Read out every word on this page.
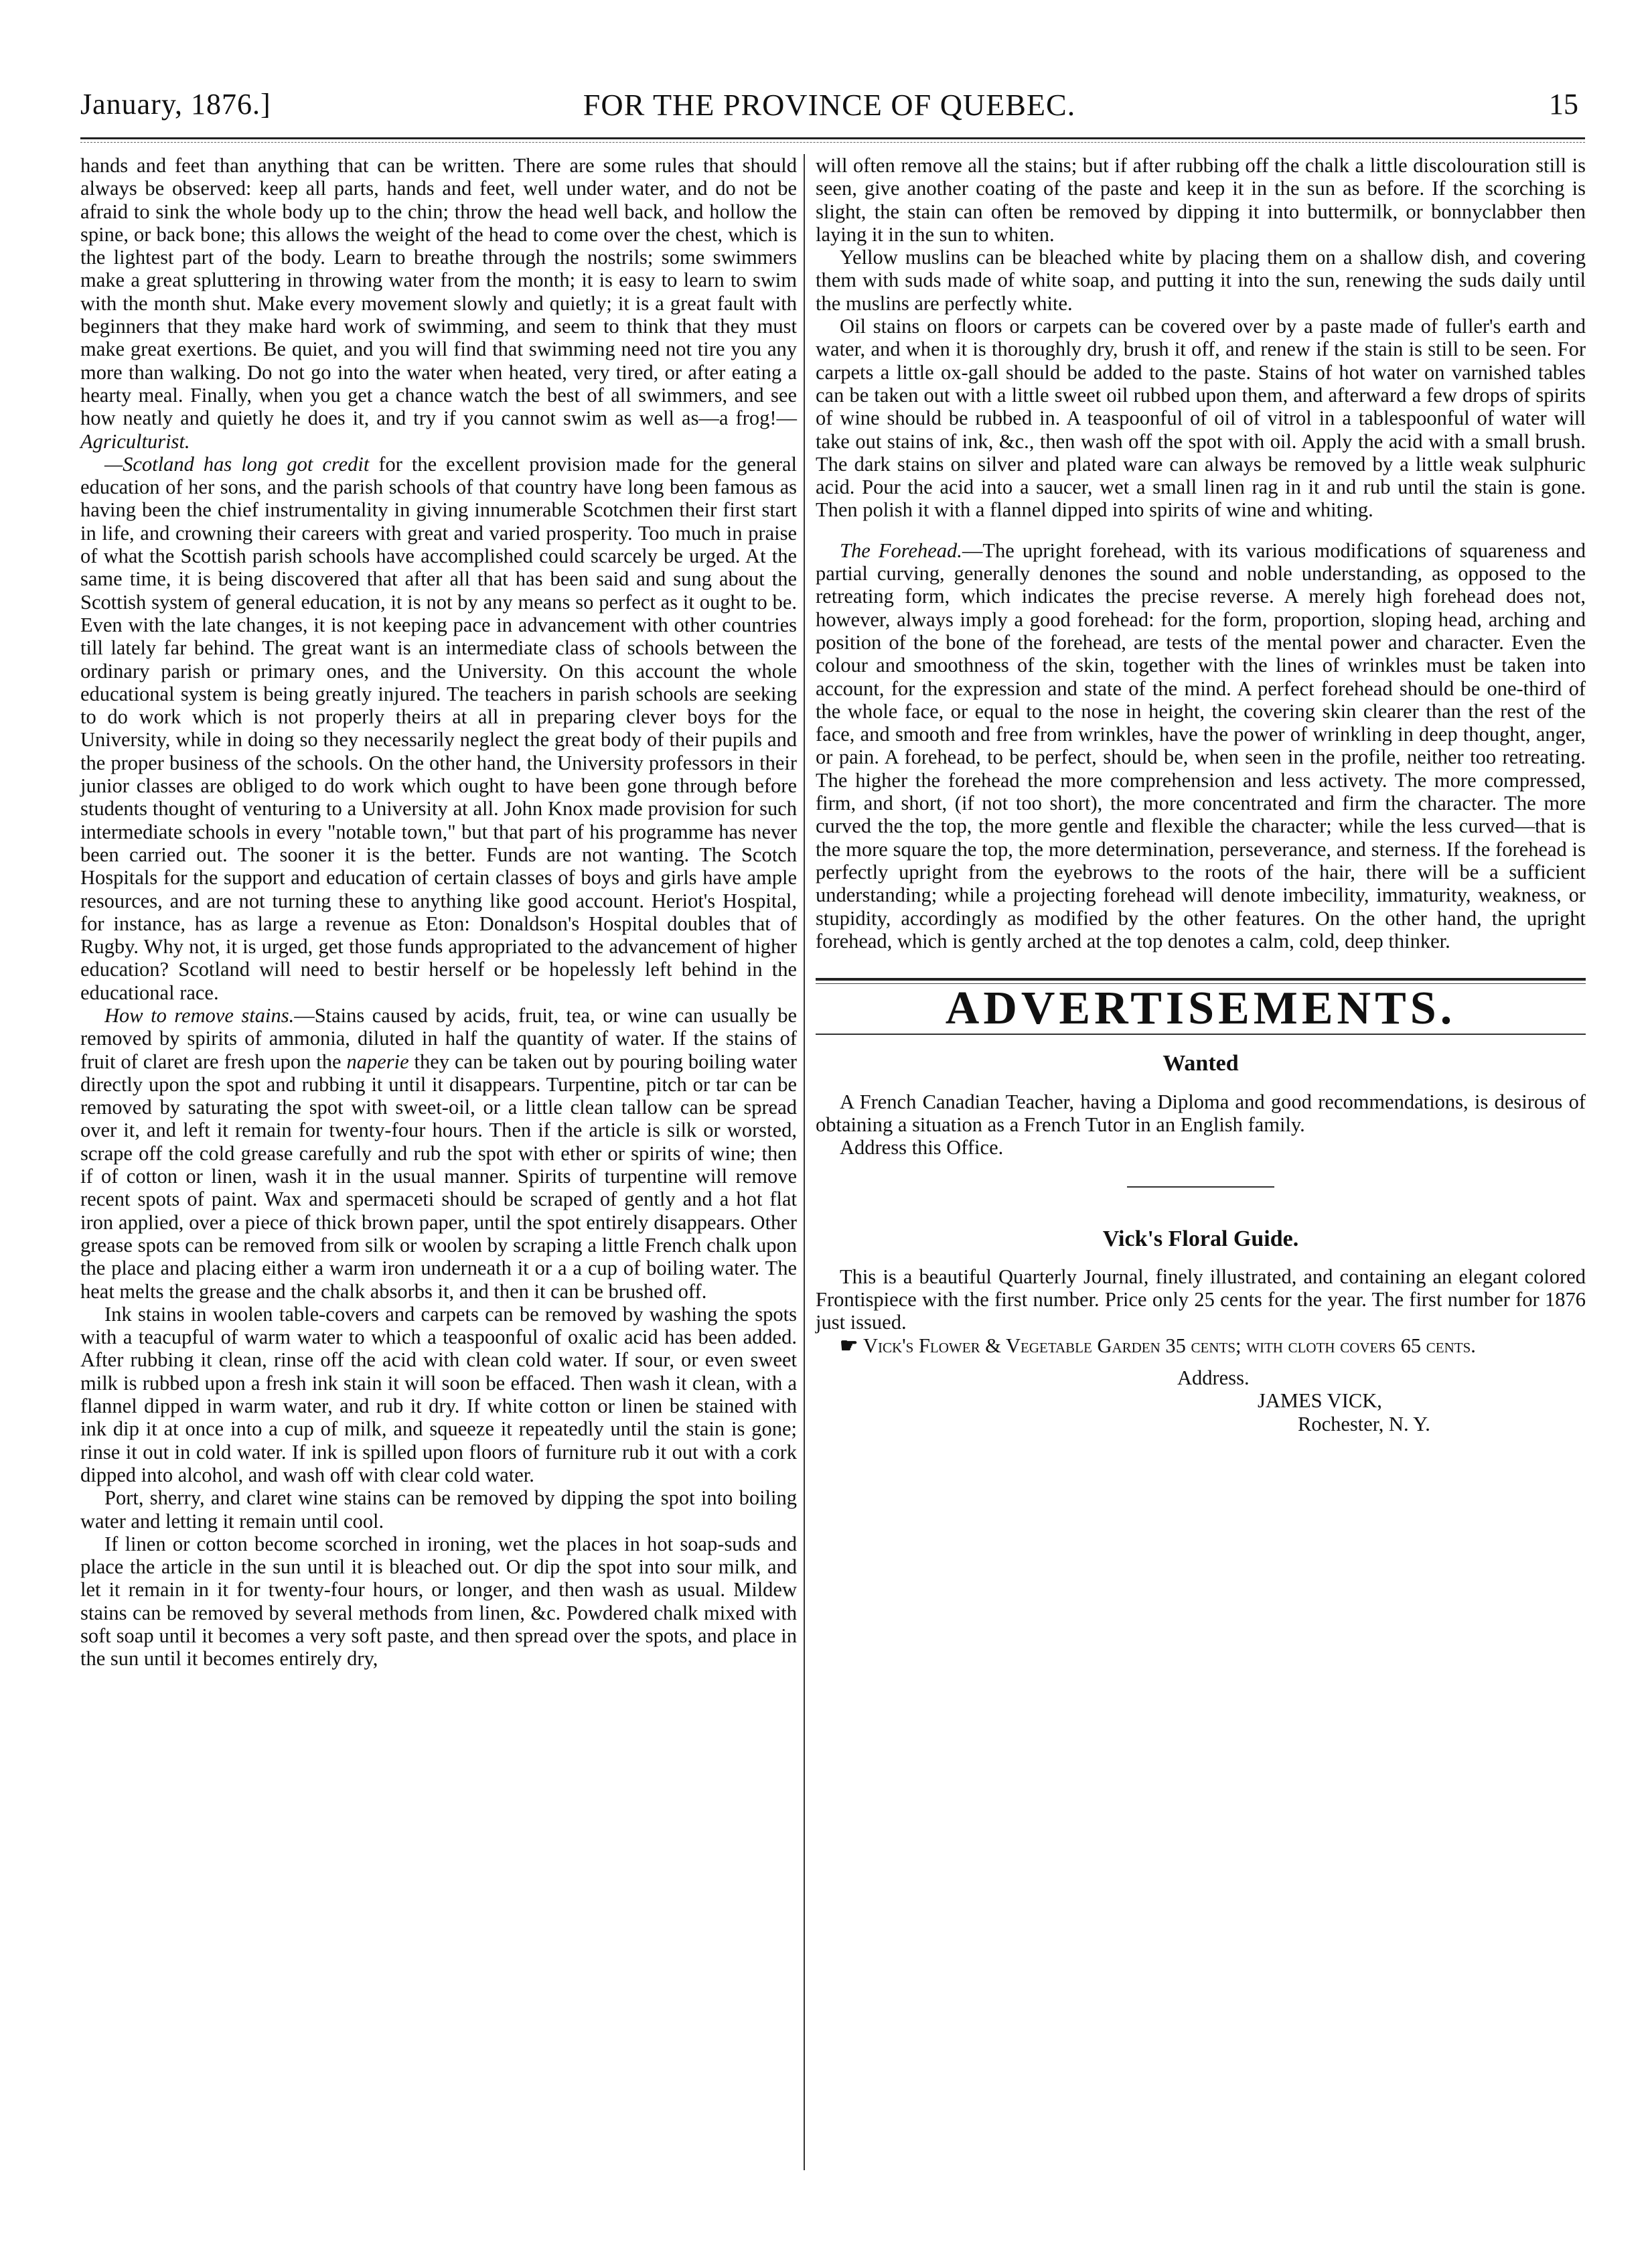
January, 1876.]	FOR THE PROVINCE OF QUEBEC.	15

hands and feet than anything that can be written. There are some rules that should always be observed: keep all parts, hands and feet, well under water, and do not be afraid to sink the whole body up to the chin; throw the head well back, and hollow the spine, or back bone; this allows the weight of the head to come over the chest, which is the lightest part of the body. Learn to breathe through the nostrils; some swimmers make a great spluttering in throwing water from the month; it is easy to learn to swim with the month shut. Make every movement slowly and quietly; it is a great fault with beginners that they make hard work of swimming, and seem to think that they must make great exertions. Be quiet, and you will find that swimming need not tire you any more than walking. Do not go into the water when heated, very tired, or after eating a hearty meal. Finally, when you get a chance watch the best of all swimmers, and see how neatly and quietly he does it, and try if you cannot swim as well as—a frog!—Agriculturist.

—Scotland has long got credit for the excellent provision made for the general education of her sons, and the parish schools of that country have long been famous as having been the chief instrumentality in giving innumerable Scotchmen their first start in life, and crowning their careers with great and varied prosperity. Too much in praise of what the Scottish parish schools have accomplished could scarcely be urged. At the same time, it is being discovered that after all that has been said and sung about the Scottish system of general education, it is not by any means so perfect as it ought to be. Even with the late changes, it is not keeping pace in advancement with other countries till lately far behind. The great want is an intermediate class of schools between the ordinary parish or primary ones, and the University. On this account the whole educational system is being greatly injured. The teachers in parish schools are seeking to do work which is not properly theirs at all in preparing clever boys for the University, while in doing so they necessarily neglect the great body of their pupils and the proper business of the schools. On the other hand, the University professors in their junior classes are obliged to do work which ought to have been gone through before students thought of venturing to a University at all. John Knox made provision for such intermediate schools in every "notable town," but that part of his programme has never been carried out. The sooner it is the better. Funds are not wanting. The Scotch Hospitals for the support and education of certain classes of boys and girls have ample resources, and are not turning these to anything like good account. Heriot's Hospital, for instance, has as large a revenue as Eton: Donaldson's Hospital doubles that of Rugby. Why not, it is urged, get those funds appropriated to the advancement of higher education? Scotland will need to bestir herself or be hopelessly left behind in the educational race.

How to remove stains.—Stains caused by acids, fruit, tea, or wine can usually be removed by spirits of ammonia, diluted in half the quantity of water. If the stains of fruit of claret are fresh upon the naperie they can be taken out by pouring boiling water directly upon the spot and rubbing it until it disappears. Turpentine, pitch or tar can be removed by saturating the spot with sweet-oil, or a little clean tallow can be spread over it, and left it remain for twenty-four hours. Then if the article is silk or worsted, scrape off the cold grease carefully and rub the spot with ether or spirits of wine; then if of cotton or linen, wash it in the usual manner. Spirits of turpentine will remove recent spots of paint. Wax and spermaceti should be scraped of gently and a hot flat iron applied, over a piece of thick brown paper, until the spot entirely disappears. Other grease spots can be removed from silk or woolen by scraping a little French chalk upon the place and placing either a warm iron underneath it or a a cup of boiling water. The heat melts the grease and the chalk absorbs it, and then it can be brushed off.

Ink stains in woolen table-covers and carpets can be removed by washing the spots with a teacupful of warm water to which a teaspoonful of oxalic acid has been added. After rubbing it clean, rinse off the acid with clean cold water. If sour, or even sweet milk is rubbed upon a fresh ink stain it will soon be effaced. Then wash it clean, with a flannel dipped in warm water, and rub it dry. If white cotton or linen be stained with ink dip it at once into a cup of milk, and squeeze it repeatedly until the stain is gone; rinse it out in cold water. If ink is spilled upon floors of furniture rub it out with a cork dipped into alcohol, and wash off with clear cold water.

Port, sherry, and claret wine stains can be removed by dipping the spot into boiling water and letting it remain until cool.

If linen or cotton become scorched in ironing, wet the places in hot soap-suds and place the article in the sun until it is bleached out. Or dip the spot into sour milk, and let it remain in it for twenty-four hours, or longer, and then wash as usual. Mildew stains can be removed by several methods from linen, &c. Powdered chalk mixed with soft soap until it becomes a very soft paste, and then spread over the spots, and place in the sun until it becomes entirely dry,

will often remove all the stains; but if after rubbing off the chalk a little discolouration still is seen, give another coating of the paste and keep it in the sun as before. If the scorching is slight, the stain can often be removed by dipping it into buttermilk, or bonnyclabber then laying it in the sun to whiten.

Yellow muslins can be bleached white by placing them on a shallow dish, and covering them with suds made of white soap, and putting it into the sun, renewing the suds daily until the muslins are perfectly white.

Oil stains on floors or carpets can be covered over by a paste made of fuller's earth and water, and when it is thoroughly dry, brush it off, and renew if the stain is still to be seen. For carpets a little ox-gall should be added to the paste. Stains of hot water on varnished tables can be taken out with a little sweet oil rubbed upon them, and afterward a few drops of spirits of wine should be rubbed in. A teaspoonful of oil of vitrol in a tablespoonful of water will take out stains of ink, &c., then wash off the spot with oil. Apply the acid with a small brush. The dark stains on silver and plated ware can always be removed by a little weak sulphuric acid. Pour the acid into a saucer, wet a small linen rag in it and rub until the stain is gone. Then polish it with a flannel dipped into spirits of wine and whiting.

The Forehead.—The upright forehead, with its various modifications of squareness and partial curving, generally denones the sound and noble understanding, as opposed to the retreating form, which indicates the precise reverse. A merely high forehead does not, however, always imply a good forehead: for the form, proportion, sloping head, arching and position of the bone of the forehead, are tests of the mental power and character. Even the colour and smoothness of the skin, together with the lines of wrinkles must be taken into account, for the expression and state of the mind. A perfect forehead should be one-third of the whole face, or equal to the nose in height, the covering skin clearer than the rest of the face, and smooth and free from wrinkles, have the power of wrinkling in deep thought, anger, or pain. A forehead, to be perfect, should be, when seen in the profile, neither too retreating. The higher the forehead the more comprehension and less activety. The more compressed, firm, and short, (if not too short), the more concentrated and firm the character. The more curved the the top, the more gentle and flexible the character; while the less curved—that is the more square the top, the more determination, perseverance, and sterness. If the forehead is perfectly upright from the eyebrows to the roots of the hair, there will be a sufficient understanding; while a projecting forehead will denote imbecility, immaturity, weakness, or stupidity, accordingly as modified by the other features. On the other hand, the upright forehead, which is gently arched at the top denotes a calm, cold, deep thinker.

ADVERTISEMENTS.
Wanted

A French Canadian Teacher, having a Diploma and good recommendations, is desirous of obtaining a situation as a French Tutor in an English family.

Address this Office.

Vick's Floral Guide.

This is a beautiful Quarterly Journal, finely illustrated, and containing an elegant colored Frontispiece with the first number. Price only 25 cents for the year. The first number for 1876 just issued.

☛ Vick's Flower & Vegetable Garden 35 cents; with cloth covers 65 cents.

Address.
JAMES VICK,
Rochester, N. Y.
